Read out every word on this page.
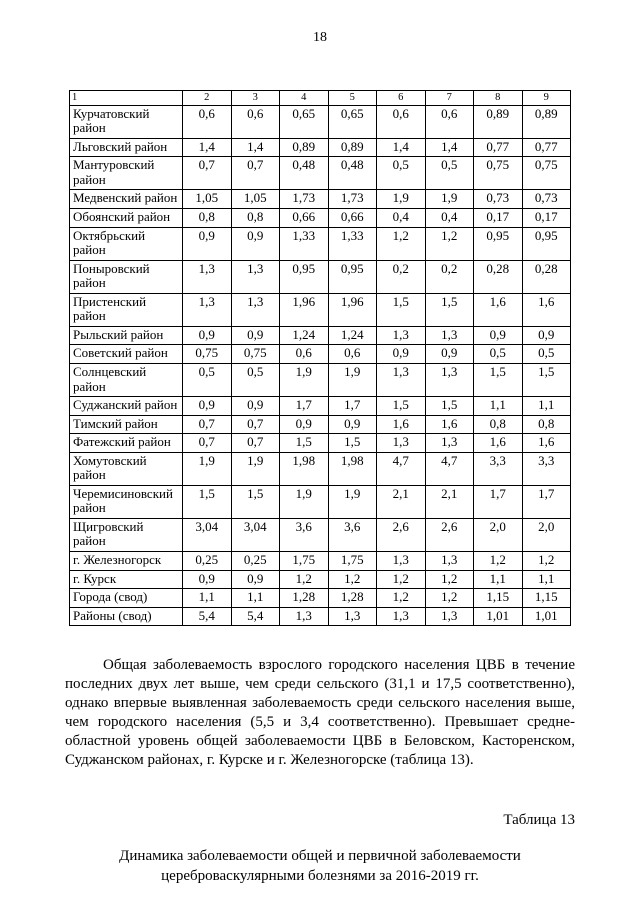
18
1	2	3	4	5	6	7	8	9
Курчатовский район	0,6	0,6	0,65	0,65	0,6	0,6	0,89	0,89
Льговский район	1,4	1,4	0,89	0,89	1,4	1,4	0,77	0,77
Мантуровский район	0,7	0,7	0,48	0,48	0,5	0,5	0,75	0,75
Медвенский район	1,05	1,05	1,73	1,73	1,9	1,9	0,73	0,73
Обоянский район	0,8	0,8	0,66	0,66	0,4	0,4	0,17	0,17
Октябрьский район	0,9	0,9	1,33	1,33	1,2	1,2	0,95	0,95
Поныровский район	1,3	1,3	0,95	0,95	0,2	0,2	0,28	0,28
Пристенский район	1,3	1,3	1,96	1,96	1,5	1,5	1,6	1,6
Рыльский район	0,9	0,9	1,24	1,24	1,3	1,3	0,9	0,9
Советский район	0,75	0,75	0,6	0,6	0,9	0,9	0,5	0,5
Солнцевский район	0,5	0,5	1,9	1,9	1,3	1,3	1,5	1,5
Суджанский район	0,9	0,9	1,7	1,7	1,5	1,5	1,1	1,1
Тимский район	0,7	0,7	0,9	0,9	1,6	1,6	0,8	0,8
Фатежский район	0,7	0,7	1,5	1,5	1,3	1,3	1,6	1,6
Хомутовский район	1,9	1,9	1,98	1,98	4,7	4,7	3,3	3,3
Черемисиновский район	1,5	1,5	1,9	1,9	2,1	2,1	1,7	1,7
Щигровский район	3,04	3,04	3,6	3,6	2,6	2,6	2,0	2,0
г. Железногорск	0,25	0,25	1,75	1,75	1,3	1,3	1,2	1,2
г. Курск	0,9	0,9	1,2	1,2	1,2	1,2	1,1	1,1
Города (свод)	1,1	1,1	1,28	1,28	1,2	1,2	1,15	1,15
Районы (свод)	5,4	5,4	1,3	1,3	1,3	1,3	1,01	1,01
Общая заболеваемость взрослого городского населения ЦВБ в течение последних двух лет выше, чем среди сельского (31,1 и 17,5 соответственно), однако впервые выявленная заболеваемость среди сельского населения выше, чем городского населения (5,5 и 3,4 соответственно). Превышает средне-областной уровень общей заболеваемости ЦВБ в Беловском, Касторенском, Суджанском районах, г. Курске и г. Железногорске (таблица 13).
Таблица 13
Динамика заболеваемости общей и первичной заболеваемости цереброваскулярными болезнями за 2016-2019 гг.
